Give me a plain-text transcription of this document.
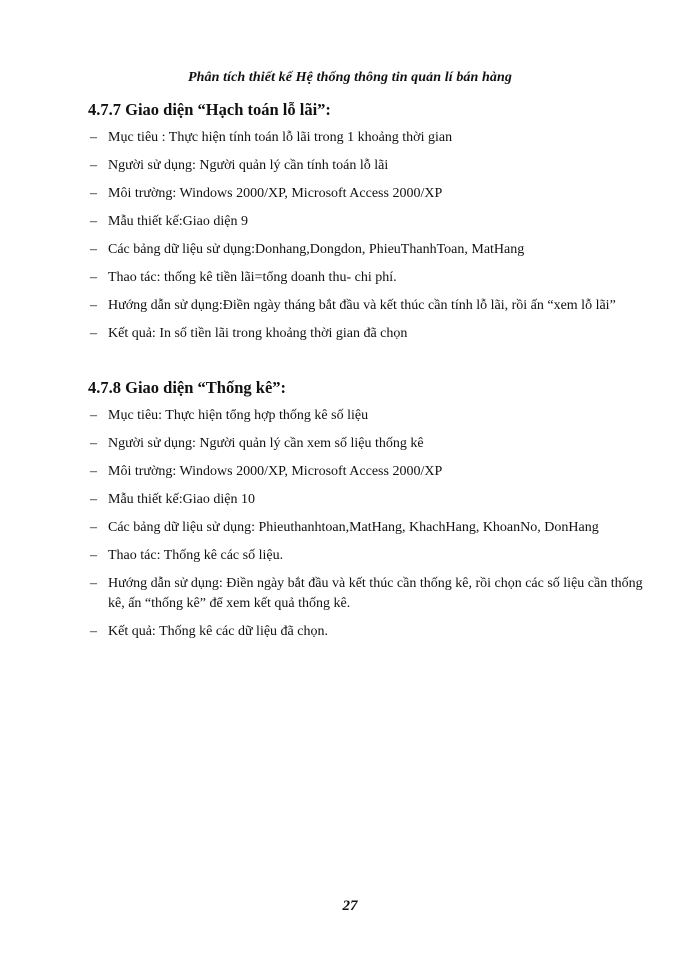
Phân tích thiết kế Hệ thống thông tin quản lí bán hàng
4.7.7 Giao diện “Hạch toán lỗ lãi”:
– Mục tiêu : Thực hiện tính toán lỗ lãi trong 1 khoảng thời gian
– Người sử dụng: Người quản lý cần tính toán lỗ lãi
– Môi trường: Windows 2000/XP, Microsoft Access 2000/XP
– Mẫu thiết kế:Giao diện 9
– Các bảng dữ liệu sử dụng:Donhang,Dongdon, PhieuThanhToan, MatHang
– Thao tác: thống kê tiền lãi=tổng doanh thu- chi phí.
– Hướng dẫn sử dụng:Điền ngày tháng bắt đầu và kết thúc cần tính lỗ lãi, rồi ấn “xem lỗ lãi”
– Kết quả: In số tiền lãi trong khoảng thời gian đã chọn
4.7.8 Giao diện “Thống kê”:
– Mục tiêu: Thực hiện tổng hợp thống kê số liệu
– Người sử dụng: Người quản lý cần xem số liệu thống kê
– Môi trường: Windows 2000/XP, Microsoft Access 2000/XP
– Mẫu thiết kế:Giao diện 10
– Các bảng dữ liệu sử dụng: Phieuthanhtoan,MatHang, KhachHang, KhoanNo, DonHang
– Thao tác: Thống kê các số liệu.
– Hướng dẫn sử dụng: Điền ngày bắt đầu và kết thúc cần thống kê, rồi chọn các số liệu cần thống kê, ấn “thống kê” để xem kết quả thống kê.
– Kết quả: Thống kê các dữ liệu đã chọn.
27
